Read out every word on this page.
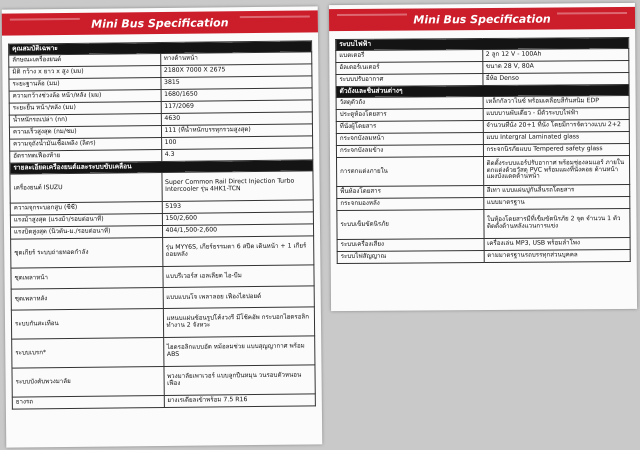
Mini Bus Specification
คุณสมบัติเฉพาะ	
ลักษณะเครื่องยนต์	ทางด้านหน้า
มิติ กว้าง x ยาว x สูง (มม)	2180X 7000 X 2675
ระยะฐานล้อ (มม)	3815
ความกว้างช่วงล้อ หน้า/หลัง (มม)	1680/1650
ระยะยื่น หน้า/หลัง (มม)	117/2069
น้ำหนักรถเปล่า (กก)	4630
ความเร็วสูงสุด (กม/ชม)	111 (ที่น้ำหนักบรรทุกรวมสูงสุด)
ความจุถังน้ำมันเชื้อเพลิง (ลิตร)	100
อัตราทดเฟืองท้าย	4.3
รายละเอียดเครื่องยนต์และระบบขับเคลื่อน	
เครื่องยนต์ ISUZU	Super Common Rail Direct Injection Turbo Intercooler รุ่น 4HK1-TCN
ความจุกระบอกสูบ (ซีซี)	5193
แรงม้าสูงสุด (แรงม้า/รอบต่อนาที)	150/2,600
แรงบิดสูงสุด (นิวตัน-ม./รอบต่อนาที)	404/1,500-2,600
ชุดเกียร์ ระบบถ่ายทอดกำลัง	รุ่น MYY6S, เกียร์ธรรมดา 6 สปีด เดินหน้า + 1 เกียร์ถอยหลัง
ชุดเพลาหน้า	แบบรีเวอร์ส เอลเลียต ไอ-บีม
ชุดเพลาหลัง	แบบแบนโจ เพลาลอย เฟืองไฮปอยด์
ระบบกันสะเทือน	แหนบแผ่นซ้อนรูปโค้งวงรี มีโช้คอัพ กระบอกไฮดรอลิกทำงาน 2 จังหวะ
ระบบเบรก*	ไฮดรอลิกแบบอัด หม้อลมช่วย แบบสุญญากาศ พร้อม ABS
ระบบบังคับพวงมาลัย	พวงมาลัยเพาเวอร์ แบบลูกปืนหมุน วนรอบตัวหนอนเฟือง
ยางรถ	ยางเรเดียลเข้าพร้อม 7.5 R16
Mini Bus Specification
ระบบไฟฟ้า	
แบตเตอรี่	2 ลูก 12 V - 100Ah
อัลเตอร์เนเตอร์	ขนาด 28 V, 80A
ระบบปรับอากาศ	ยี่ห้อ Denso
ตัวถังและชิ้นส่วนต่างๆ	
วัสดุตัวถัง	เหล็กกัลวาไนซ์ พร้อมเคลือบสีกันสนิม EDP
ประตูห้องโดยสาร	แบบบานพับเดี่ยว - มีตัวระบบไฟฟ้า
ที่นั่งผู้โดยสาร	จำนวนที่นั่ง 20+1 ที่นั่ง โดยมีการจัดวางแบบ 2+2
กระจกบังลมหน้า	แบบ Intergral Laminated glass
กระจกบังลมข้าง	กระจกนิรภัยแบบ Tempered safety glass
การตกแต่งภายใน	ติดตั้งระบบแอร์ปรับอากาศ พร้อมช่องลมแอร์ ภายในตกแต่งด้วยวัสดุ PVC พร้อมแผงที่นั่งคอย ด้านหน้าแผงบังแดดด้านหน้า
พื้นห้องโดยสาร	สีเทา แบบแผ่นปูกันลื่นรถโดยสาร
กระจกมองหลัง	แบบมาตรฐาน
ระบบเข็มขัดนิรภัย	ในห้องโดยสารมีที่เข็มขัดนิรภัย 2 จุด จำนวน 1 ตัว ติดตั้งด้านหลังแวนการแข่ง
ระบบเครื่องเสียง	เครื่องเล่น MP3, USB พร้อมลำโพง
ระบบไฟสัญญาณ	ตามมาตรฐานรถบรรทุกส่วนบุคคล
